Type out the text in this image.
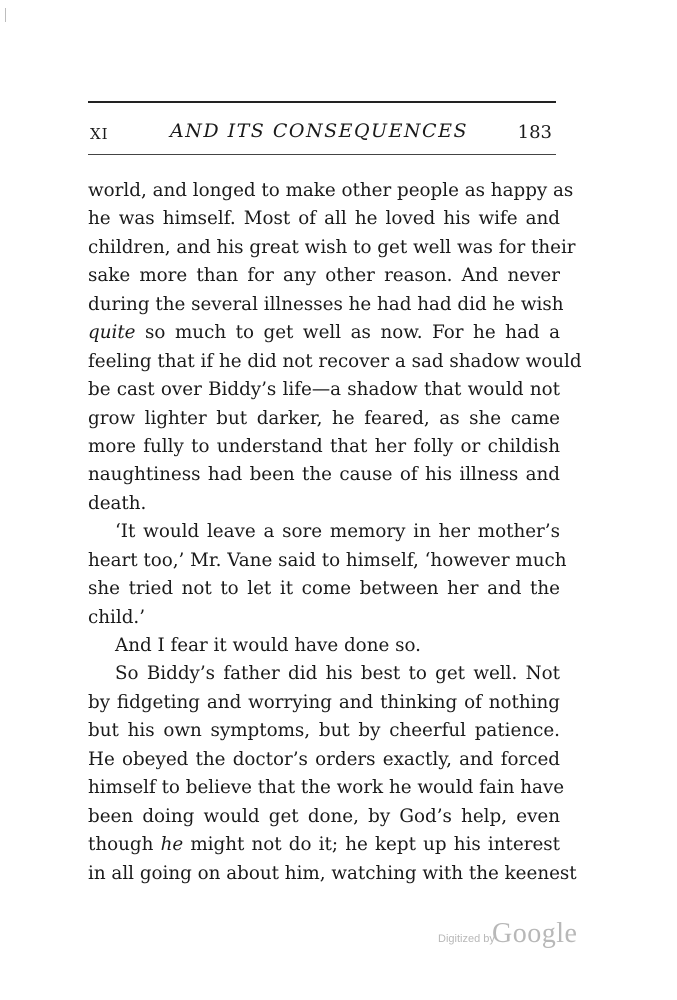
XI	AND ITS CONSEQUENCES	183
world, and longed to make other people as happy as
he was himself. Most of all he loved his wife and
children, and his great wish to get well was for their
sake more than for any other reason. And never
during the several illnesses he had had did he wish
quite so much to get well as now. For he had a
feeling that if he did not recover a sad shadow would
be cast over Biddy’s life—a shadow that would not
grow lighter but darker, he feared, as she came
more fully to understand that her folly or childish
naughtiness had been the cause of his illness and
death.
‘It would leave a sore memory in her mother’s
heart too,’ Mr. Vane said to himself, ‘however much
she tried not to let it come between her and the
child.’
And I fear it would have done so.
So Biddy’s father did his best to get well. Not
by fidgeting and worrying and thinking of nothing
but his own symptoms, but by cheerful patience.
He obeyed the doctor’s orders exactly, and forced
himself to believe that the work he would fain have
been doing would get done, by God’s help, even
though he might not do it; he kept up his interest
in all going on about him, watching with the keenest
Digitized by
Google
